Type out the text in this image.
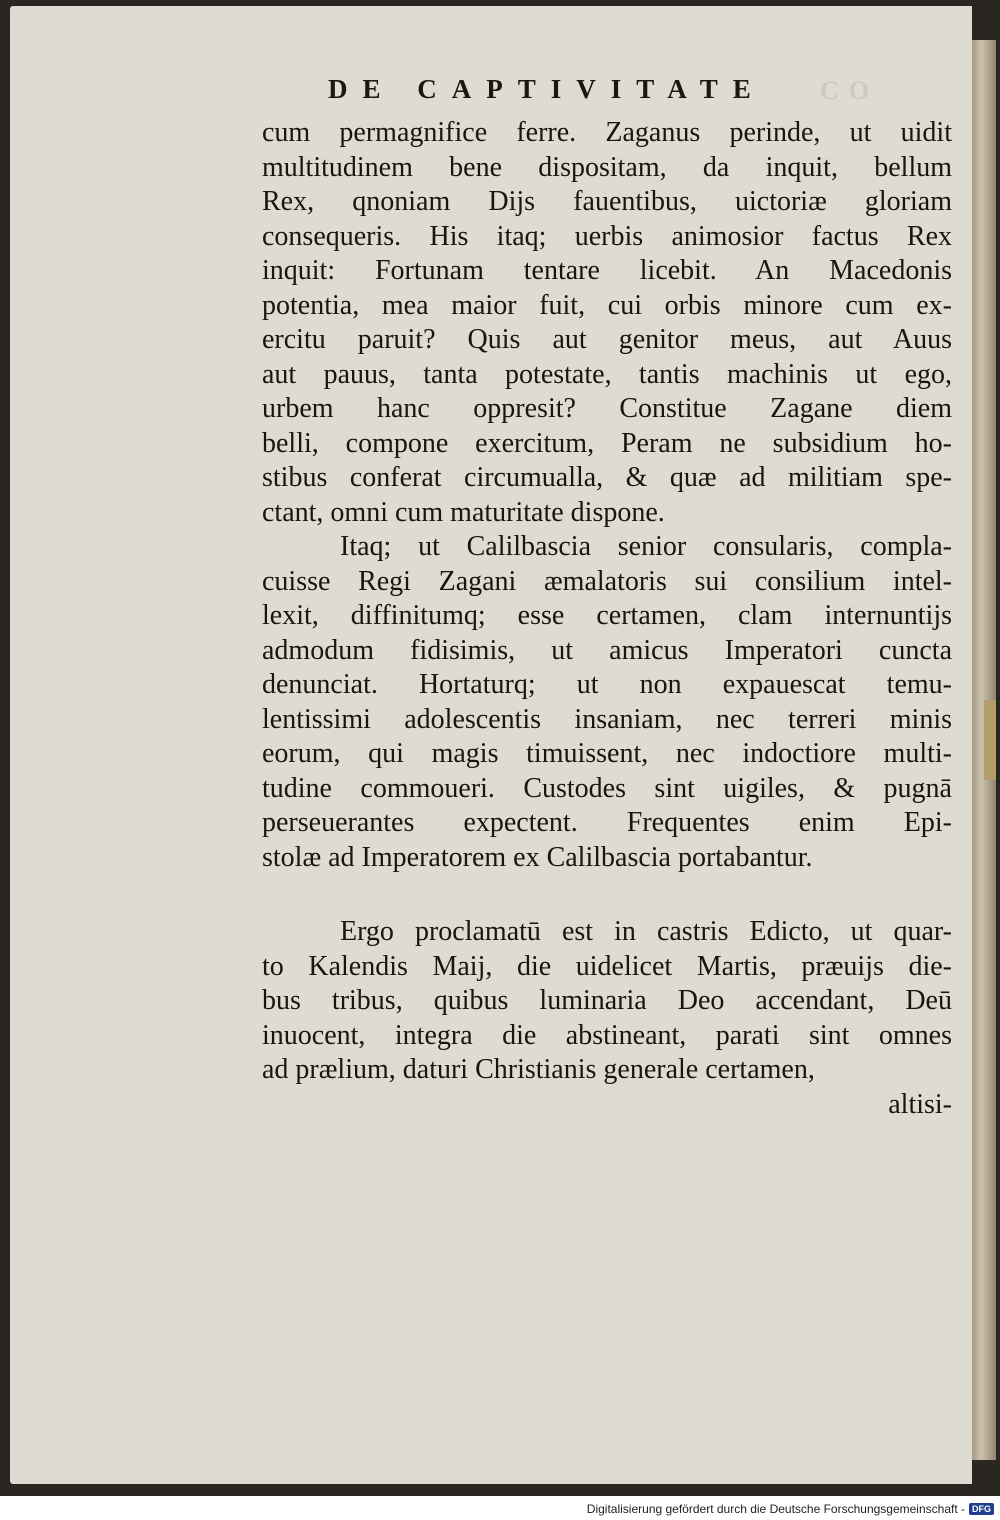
CO
DE CAPTIVITATE
cum permagnifice ferre. Zaganus perinde, ut uidit
multitudinem bene dispositam, da inquit, bellum
Rex, qnoniam Dijs fauentibus, uictoriæ gloriam
consequeris. His itaq; uerbis animosior factus Rex
inquit: Fortunam tentare licebit. An Macedonis
potentia, mea maior fuit, cui orbis minore cum ex-
ercitu paruit? Quis aut genitor meus, aut Auus
aut pauus, tanta potestate, tantis machinis ut ego,
urbem hanc oppresit? Constitue Zagane diem
belli, compone exercitum, Peram ne subsidium ho-
stibus conferat circumualla, & quæ ad militiam spe-
ctant, omni cum maturitate dispone.
Itaq; ut Calilbascia senior consularis, compla-
cuisse Regi Zagani æmalatoris sui consilium intel-
lexit, diffinitumq; esse certamen, clam internuntijs
admodum fidisimis, ut amicus Imperatori cuncta
denunciat. Hortaturq; ut non expauescat temu-
lentissimi adolescentis insaniam, nec terreri minis
eorum, qui magis timuissent, nec indoctiore multi-
tudine commoueri. Custodes sint uigiles, & pugnā
perseuerantes expectent. Frequentes enim Epi-
stolæ ad Imperatorem ex Calilbascia portabantur.
Ergo proclamatū est in castris Edicto, ut quar-
to Kalendis Maij, die uidelicet Martis, præuijs die-
bus tribus, quibus luminaria Deo accendant, Deū
inuocent, integra die abstineant, parati sint omnes
ad prælium, daturi Christianis generale certamen,
altisi-
Digitalisierung gefördert durch die Deutsche Forschungsgemeinschaft - DFG
